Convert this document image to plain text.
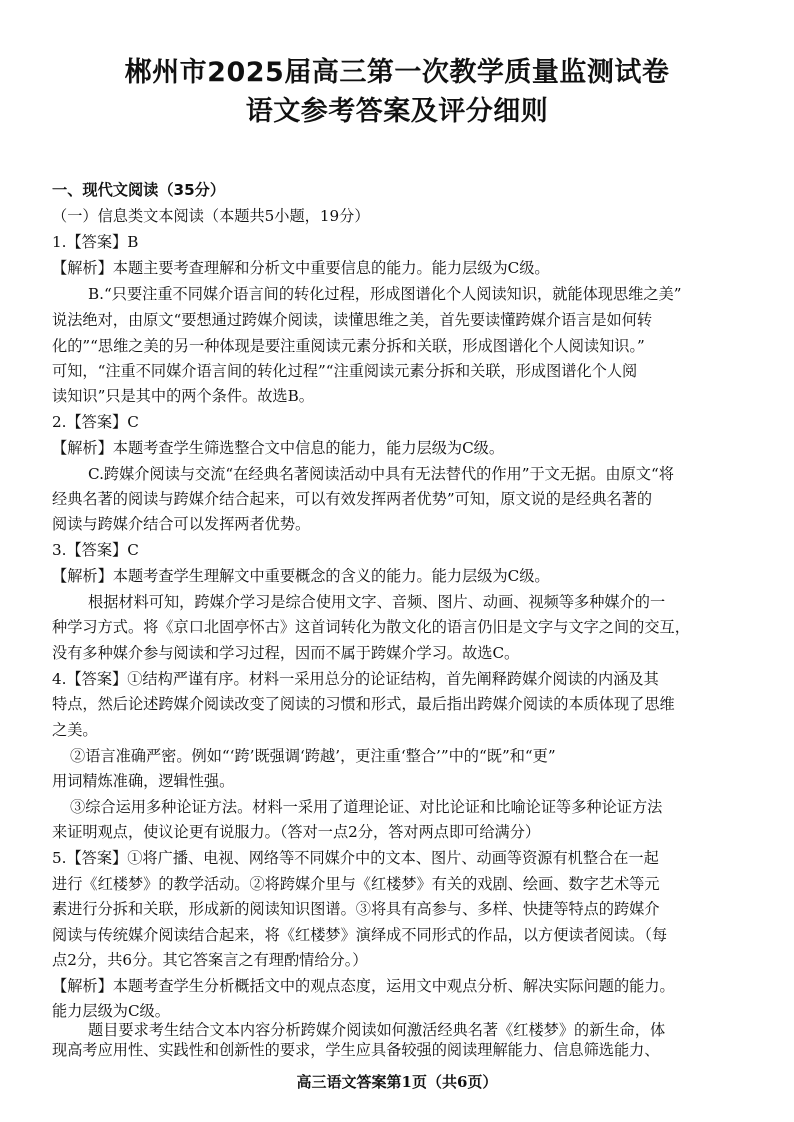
郴州市2025届高三第一次教学质量监测试卷
语文参考答案及评分细则
一、现代文阅读（35分）
（一）信息类文本阅读（本题共5小题，19分）
1.【答案】B
【解析】本题主要考查理解和分析文中重要信息的能力。能力层级为C级。
B.“只要注重不同媒介语言间的转化过程，形成图谱化个人阅读知识，就能体现思维之美”
说法绝对，由原文“要想通过跨媒介阅读，读懂思维之美，首先要读懂跨媒介语言是如何转
化的”“思维之美的另一种体现是要注重阅读元素分拆和关联，形成图谱化个人阅读知识。”
可知，“注重不同媒介语言间的转化过程”“注重阅读元素分拆和关联，形成图谱化个人阅
读知识”只是其中的两个条件。故选B。
2.【答案】C
【解析】本题考查学生筛选整合文中信息的能力，能力层级为C级。
C.跨媒介阅读与交流“在经典名著阅读活动中具有无法替代的作用”于文无据。由原文“将
经典名著的阅读与跨媒介结合起来，可以有效发挥两者优势”可知，原文说的是经典名著的
阅读与跨媒介结合可以发挥两者优势。
3.【答案】C
【解析】本题考查学生理解文中重要概念的含义的能力。能力层级为C级。
根据材料可知，跨媒介学习是综合使用文字、音频、图片、动画、视频等多种媒介的一
种学习方式。将《京口北固亭怀古》这首词转化为散文化的语言仍旧是文字与文字之间的交互，
没有多种媒介参与阅读和学习过程，因而不属于跨媒介学习。故选C。
4.【答案】①结构严谨有序。材料一采用总分的论证结构，首先阐释跨媒介阅读的内涵及其
特点，然后论述跨媒介阅读改变了阅读的习惯和形式，最后指出跨媒介阅读的本质体现了思维
之美。
②语言准确严密。例如“‘跨’既强调‘跨越’，更注重‘整合’”中的“既”和“更”
用词精炼准确，逻辑性强。
③综合运用多种论证方法。材料一采用了道理论证、对比论证和比喻论证等多种论证方法
来证明观点，使议论更有说服力。（答对一点2分，答对两点即可给满分）
5.【答案】①将广播、电视、网络等不同媒介中的文本、图片、动画等资源有机整合在一起
进行《红楼梦》的教学活动。②将跨媒介里与《红楼梦》有关的戏剧、绘画、数字艺术等元
素进行分拆和关联，形成新的阅读知识图谱。③将具有高参与、多样、快捷等特点的跨媒介
阅读与传统媒介阅读结合起来，将《红楼梦》演绎成不同形式的作品，以方便读者阅读。（每
点2分，共6分。其它答案言之有理酌情给分。）
【解析】本题考查学生分析概括文中的观点态度，运用文中观点分析、解决实际问题的能力。
能力层级为C级。
题目要求考生结合文本内容分析跨媒介阅读如何激活经典名著《红楼梦》的新生命，体
现高考应用性、实践性和创新性的要求，学生应具备较强的阅读理解能力、信息筛选能力、
高三语文答案第1页（共6页）
